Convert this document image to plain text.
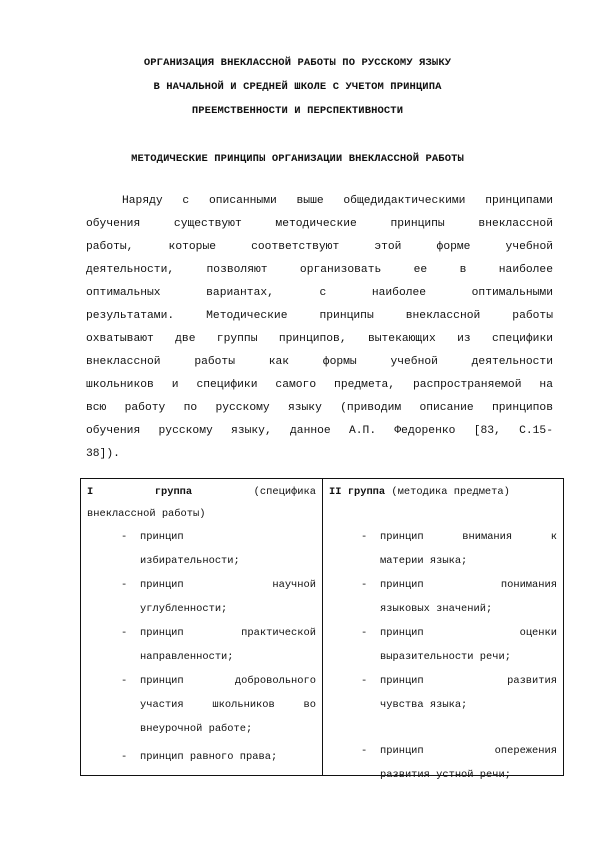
ОРГАНИЗАЦИЯ ВНЕКЛАССНОЙ РАБОТЫ ПО РУССКОМУ ЯЗЫКУ
В НАЧАЛЬНОЙ И СРЕДНЕЙ ШКОЛЕ С УЧЕТОМ ПРИНЦИПА
ПРЕЕМСТВЕННОСТИ И ПЕРСПЕКТИВНОСТИ
МЕТОДИЧЕСКИЕ ПРИНЦИПЫ ОРГАНИЗАЦИИ ВНЕКЛАССНОЙ РАБОТЫ
Наряду с описанными выше общедидактическими принципами
обучения существуют методические принципы внеклассной
работы, которые соответствуют этой форме учебной
деятельности, позволяют организовать ее в наиболее
оптимальных вариантах, с наиболее оптимальными
результатами. Методические принципы внеклассной работы
охватывают две группы принципов, вытекающих из специфики
внеклассной работы как формы учебной деятельности
школьников и специфики самого предмета, распространяемой на
всю работу по русскому языку (приводим описание принципов
обучения русскому языку, данное А.П. Федоренко [83, С.15-
38]).
I	группа	(специфика
внеклассной работы)
- принцип
избирательности;
- принцип научной
углубленности;
- принцип практической
направленности;
- принцип добровольного
участия школьников во
внеурочной работе;
- принцип равного права;
II группа (методика предмета)
- принцип внимания к
материи языка;
- принцип понимания
языковых значений;
- принцип оценки
выразительности речи;
- принцип развития
чувства языка;
- принцип опережения
развития устной речи;
